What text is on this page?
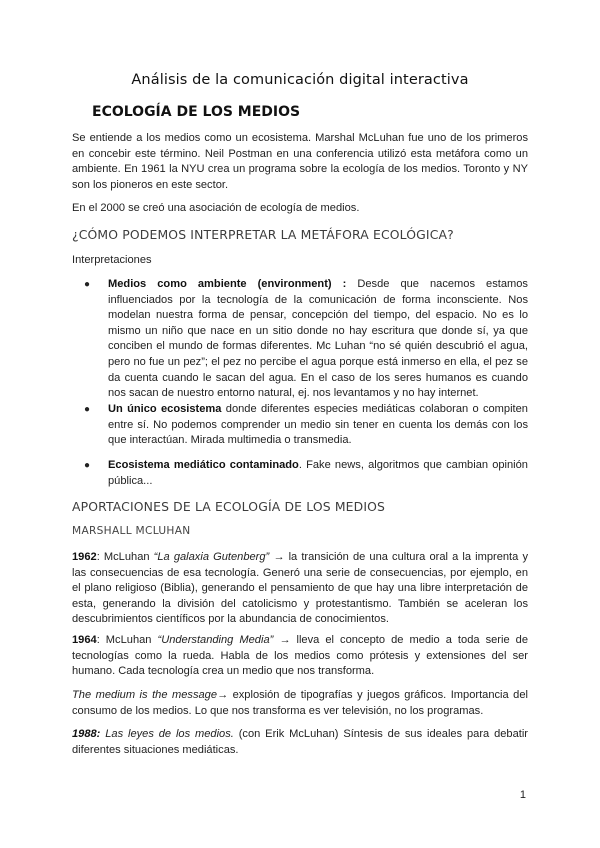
Análisis de la comunicación digital interactiva
ECOLOGÍA DE LOS MEDIOS
Se entiende a los medios como un ecosistema. Marshal McLuhan fue uno de los primeros en concebir este término. Neil Postman en una conferencia utilizó esta metáfora como un ambiente. En 1961 la NYU crea un programa sobre la ecología de los medios. Toronto y NY son los pioneros en este sector.
En el 2000 se creó una asociación de ecología de medios.
¿CÓMO PODEMOS INTERPRETAR LA METÁFORA ECOLÓGICA?
Interpretaciones
● Medios como ambiente (environment) : Desde que nacemos estamos influenciados por la tecnología de la comunicación de forma inconsciente. Nos modelan nuestra forma de pensar, concepción del tiempo, del espacio. No es lo mismo un niño que nace en un sitio donde no hay escritura que donde sí, ya que conciben el mundo de formas diferentes. Mc Luhan “no sé quién descubrió el agua, pero no fue un pez”; el pez no percibe el agua porque está inmerso en ella, el pez se da cuenta cuando le sacan del agua. En el caso de los seres humanos es cuando nos sacan de nuestro entorno natural, ej. nos levantamos y no hay internet.
● Un único ecosistema donde diferentes especies mediáticas colaboran o compiten entre sí. No podemos comprender un medio sin tener en cuenta los demás con los que interactúan. Mirada multimedia o transmedia.
● Ecosistema mediático contaminado. Fake news, algoritmos que cambian opinión pública...
APORTACIONES DE LA ECOLOGÍA DE LOS MEDIOS
MARSHALL MCLUHAN
1962: McLuhan “La galaxia Gutenberg” → la transición de una cultura oral a la imprenta y las consecuencias de esa tecnología. Generó una serie de consecuencias, por ejemplo, en el plano religioso (Biblia), generando el pensamiento de que hay una libre interpretación de esta, generando la división del catolicismo y protestantismo. También se aceleran los descubrimientos científicos por la abundancia de conocimientos.
1964: McLuhan “Understanding Media” → lleva el concepto de medio a toda serie de tecnologías como la rueda. Habla de los medios como prótesis y extensiones del ser humano. Cada tecnología crea un medio que nos transforma.
The medium is the message→ explosión de tipografías y juegos gráficos. Importancia del consumo de los medios. Lo que nos transforma es ver televisión, no los programas.
1988: Las leyes de los medios. (con Erik McLuhan) Síntesis de sus ideales para debatir diferentes situaciones mediáticas.
1
